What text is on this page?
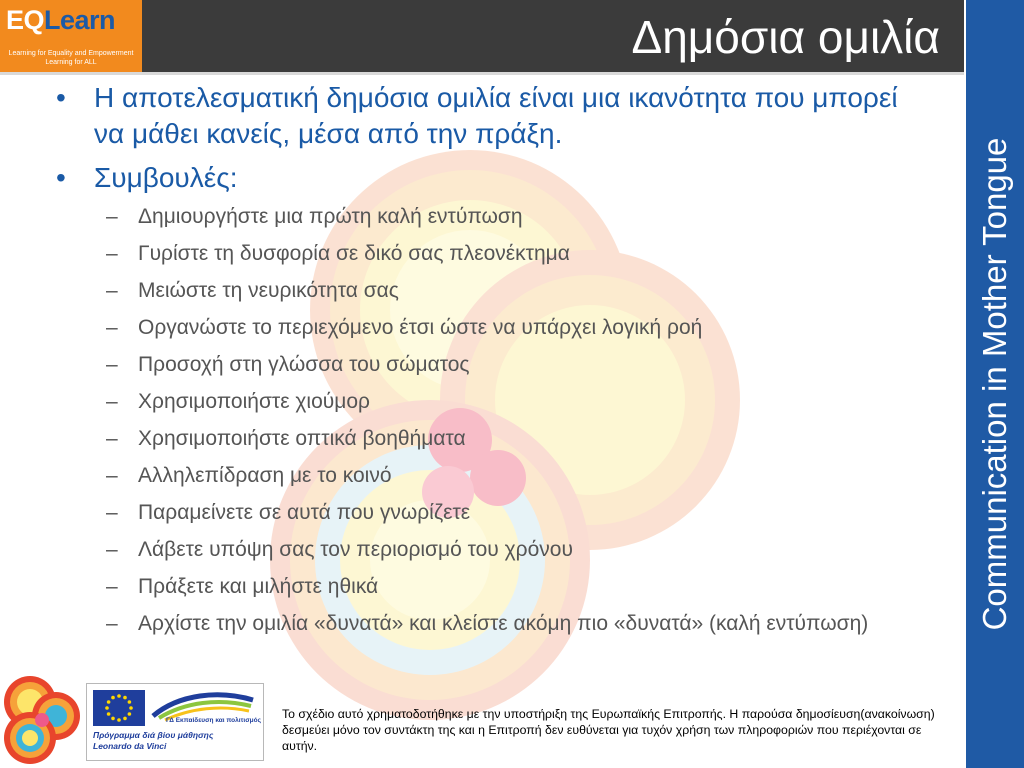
Δημόσια ομιλία
EQLearn
Learning for Equality and Empowerment
Learning for ALL
Communication in Mother Tongue
• Η αποτελεσματική δημόσια ομιλία είναι μια ικανότητα που μπορεί να μάθει κανείς, μέσα από την πράξη.
• Συμβουλές:
– Δημιουργήστε μια πρώτη καλή εντύπωση
– Γυρίστε τη δυσφορία σε δικό σας πλεονέκτημα
– Μειώστε τη νευρικότητα σας
– Οργανώστε το περιεχόμενο έτσι ώστε να υπάρχει λογική ροή
– Προσοχή στη γλώσσα του σώματος
– Χρησιμοποιήστε χιούμορ
– Χρησιμοποιήστε οπτικά βοηθήματα
– Αλληλεπίδραση με το κοινό
– Παραμείνετε σε αυτά που γνωρίζετε
– Λάβετε υπόψη σας τον περιορισμό του χρόνου
– Πράξετε και μιλήστε ηθικά
– Αρχίστε την ομιλία «δυνατά» και κλείστε ακόμη πιο «δυνατά» (καλή εντύπωση)
ΓΔ Εκπαίδευση και πολιτισμός
Πρόγραμμα διά βίου μάθησης
Leonardo da Vinci
Το σχέδιο αυτό χρηματοδοτήθηκε με την υποστήριξη της Ευρωπαϊκής Επιτροπής. Η παρούσα δημοσίευση(ανακοίνωση) δεσμεύει μόνο τον συντάκτη της και η Επιτροπή δεν ευθύνεται για τυχόν χρήση των πληροφοριών που περιέχονται σε αυτήν.
